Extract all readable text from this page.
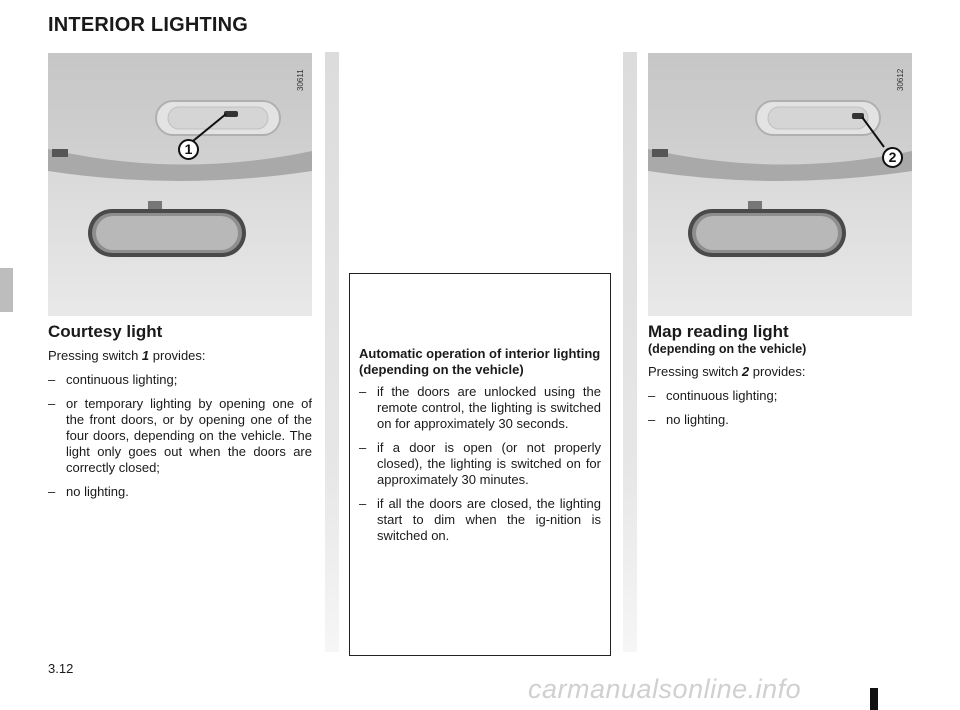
INTERIOR LIGHTING
1
30611
2
30612
Courtesy light

Pressing switch 1 provides:

– continuous lighting;
– or temporary lighting by opening one of the front doors, or by opening one of the four doors, depending on the vehicle. The light only goes out when the doors are correctly closed;
– no lighting.
Automatic operation of interior lighting
(depending on the vehicle)
– if the doors are unlocked using the remote control, the lighting is switched on for approximately 30 seconds.
– if a door is open (or not properly closed), the lighting is switched on for approximately 30 minutes.
– if all the doors are closed, the lighting start to dim when the ig-nition is switched on.
Map reading light
(depending on the vehicle)

Pressing switch 2 provides:

– continuous lighting;
– no lighting.
3.12
carmanualsonline.info
